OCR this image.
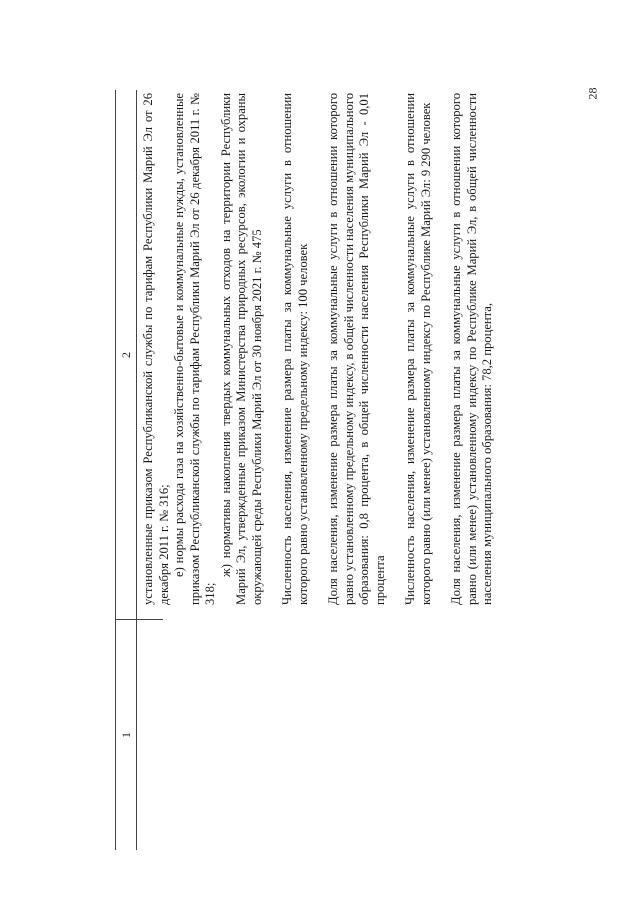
28
1
2 установленные приказом Республиканской службы по тарифам Республики Марий Эл от 26 декабря 2011 г. № 316; е) нормы расхода газа на хозяйственно-бытовые и коммунальные нужды, установленные приказом Республиканской службы по тарифам Республики Марий Эл от 26 декабря 2011 г. № 318;

ж) нормативы накопления твердых коммунальных отходов на территории Республики Марий Эл, утвержденные приказом Министерства природных ресурсов, экологии и охраны окружающей среды Республики Марий Эл от 30 ноября 2021 г. № 475 Численность населения, изменение размера платы за коммунальные услуги в отношении которого равно установленному предельному индексу: 100 человек Доля населения, изменение размера платы за коммунальные услуги в отношении которого равно установленному предельному индексу, в общей численности населения муниципального образования: 0,8 процента, в общей численности населения Республики Марий Эл - 0,01 процента Численность населения, изменение размера платы за коммунальные услуги в отношении которого равно (или менее) установленному индексу по Республике Марий Эл: 9 290 человек Доля населения, изменение размера платы за коммунальные услуги в отношении которого равно (или менее) установленному индексу по Республике Марий Эл, в общей численности населения муниципального образования: 78,2 процента,
